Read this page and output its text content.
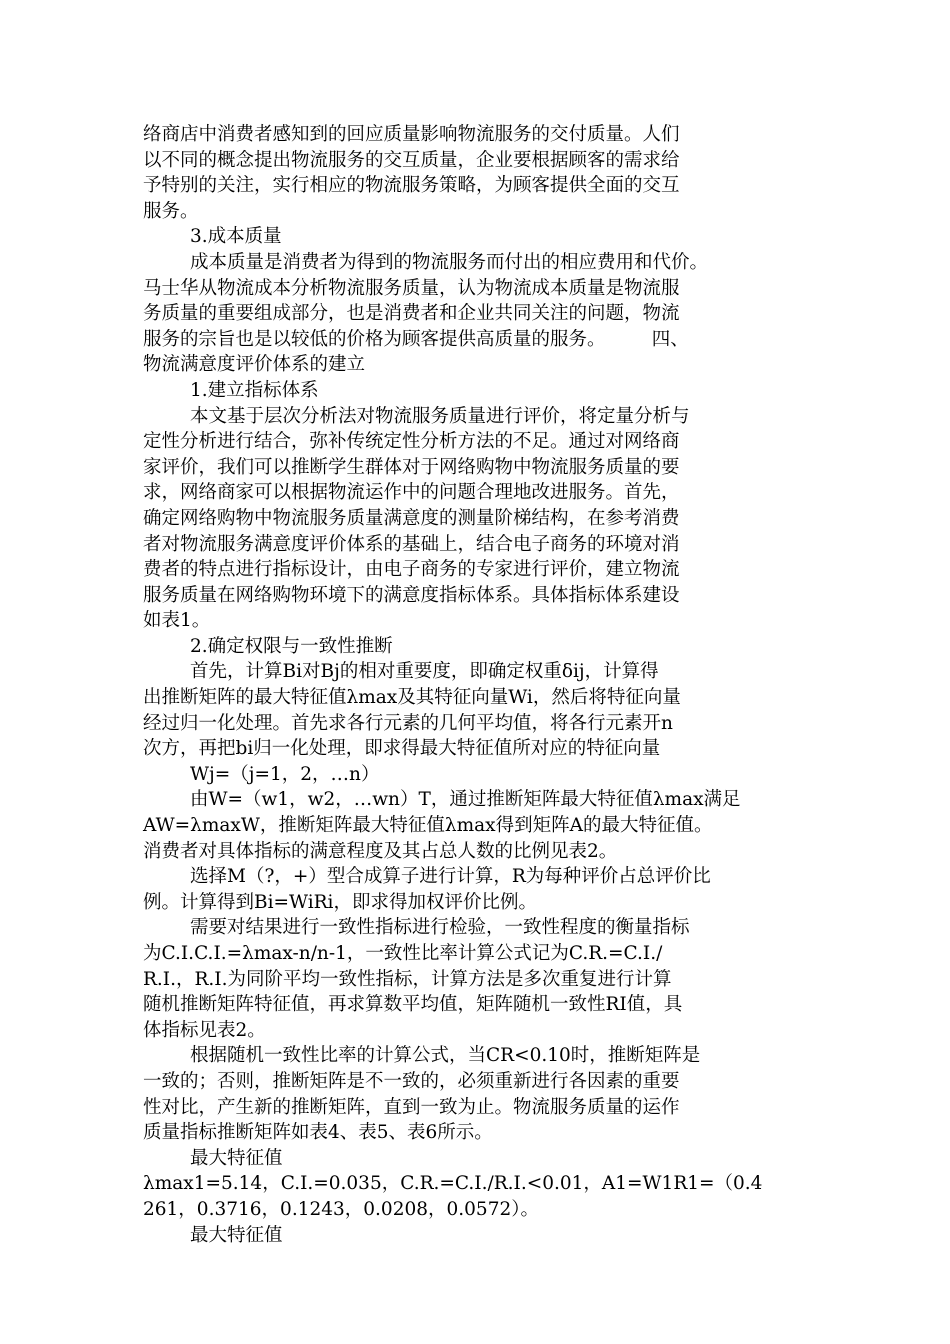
络商店中消费者感知到的回应质量影响物流服务的交付质量。人们
以不同的概念提出物流服务的交互质量，企业要根据顾客的需求给
予特别的关注，实行相应的物流服务策略，为顾客提供全面的交互
服务。
3.成本质量
成本质量是消费者为得到的物流服务而付出的相应费用和代价。
马士华从物流成本分析物流服务质量，认为物流成本质量是物流服
务质量的重要组成部分，也是消费者和企业共同关注的问题，物流
服务的宗旨也是以较低的价格为顾客提供高质量的服务。　　　四、
物流满意度评价体系的建立
1.建立指标体系
本文基于层次分析法对物流服务质量进行评价，将定量分析与
定性分析进行结合，弥补传统定性分析方法的不足。通过对网络商
家评价，我们可以推断学生群体对于网络购物中物流服务质量的要
求，网络商家可以根据物流运作中的问题合理地改进服务。首先，
确定网络购物中物流服务质量满意度的测量阶梯结构，在参考消费
者对物流服务满意度评价体系的基础上，结合电子商务的环境对消
费者的特点进行指标设计，由电子商务的专家进行评价，建立物流
服务质量在网络购物环境下的满意度指标体系。具体指标体系建设
如表1。
2.确定权限与一致性推断
首先，计算Bi对Bj的相对重要度，即确定权重δij，计算得
出推断矩阵的最大特征值λmax及其特征向量Wi，然后将特征向量
经过归一化处理。首先求各行元素的几何平均值，将各行元素开n
次方，再把bi归一化处理，即求得最大特征值所对应的特征向量
Wj=（j=1，2，…n）
由W=（w1，w2，…wn）T，通过推断矩阵最大特征值λmax满足
AW=λmaxW，推断矩阵最大特征值λmax得到矩阵A的最大特征值。
消费者对具体指标的满意程度及其占总人数的比例见表2。
选择M（?，+）型合成算子进行计算，R为每种评价占总评价比
例。计算得到Bi=WiRi，即求得加权评价比例。
需要对结果进行一致性指标进行检验，一致性程度的衡量指标
为C.I.C.I.=λmax-n/n-1，一致性比率计算公式记为C.R.=C.I./
R.I.，R.I.为同阶平均一致性指标，计算方法是多次重复进行计算
随机推断矩阵特征值，再求算数平均值，矩阵随机一致性RI值，具
体指标见表2。
根据随机一致性比率的计算公式，当CR<0.10时，推断矩阵是
一致的；否则，推断矩阵是不一致的，必须重新进行各因素的重要
性对比，产生新的推断矩阵，直到一致为止。物流服务质量的运作
质量指标推断矩阵如表4、表5、表6所示。
最大特征值
λmax1=5.14，C.I.=0.035，C.R.=C.I./R.I.<0.01，A1=W1R1=（0.4
261，0.3716，0.1243，0.0208，0.0572）。
最大特征值
